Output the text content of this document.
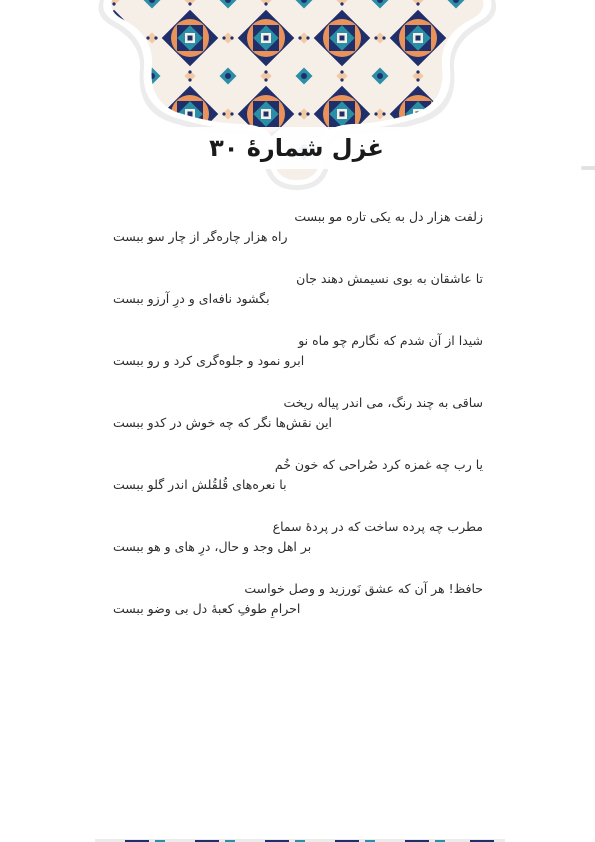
غزل شمارهٔ ۳۰
زلفت هزار دل به یکی تاره مو ببست
راه هزار چاره‌گر از چار سو ببست
تا عاشقان به بوی نسیمش دهند جان
بگشود نافه‌ای و درِ آرزو ببست
شیدا از آن شدم که نگارم چو ماه نو
ابرو نمود و جلوه‌گری کرد و رو ببست
ساقی به چند رنگ، می اندر پیاله ریخت
این نقش‌ها نگر که چه خوش در کدو ببست
یا رب چه غمزه کرد صُراحی که خون خُم
با نعره‌های قُلقُلش اندر گلو ببست
مطرب چه پرده ساخت که در پردهٔ سماع
بر اهل وجد و حال، درِ های و هو ببست
حافظ! هر آن که عشق نَورزید و وصل خواست
احرامِ طوفِ کعبهٔ دل بی وضو ببست
